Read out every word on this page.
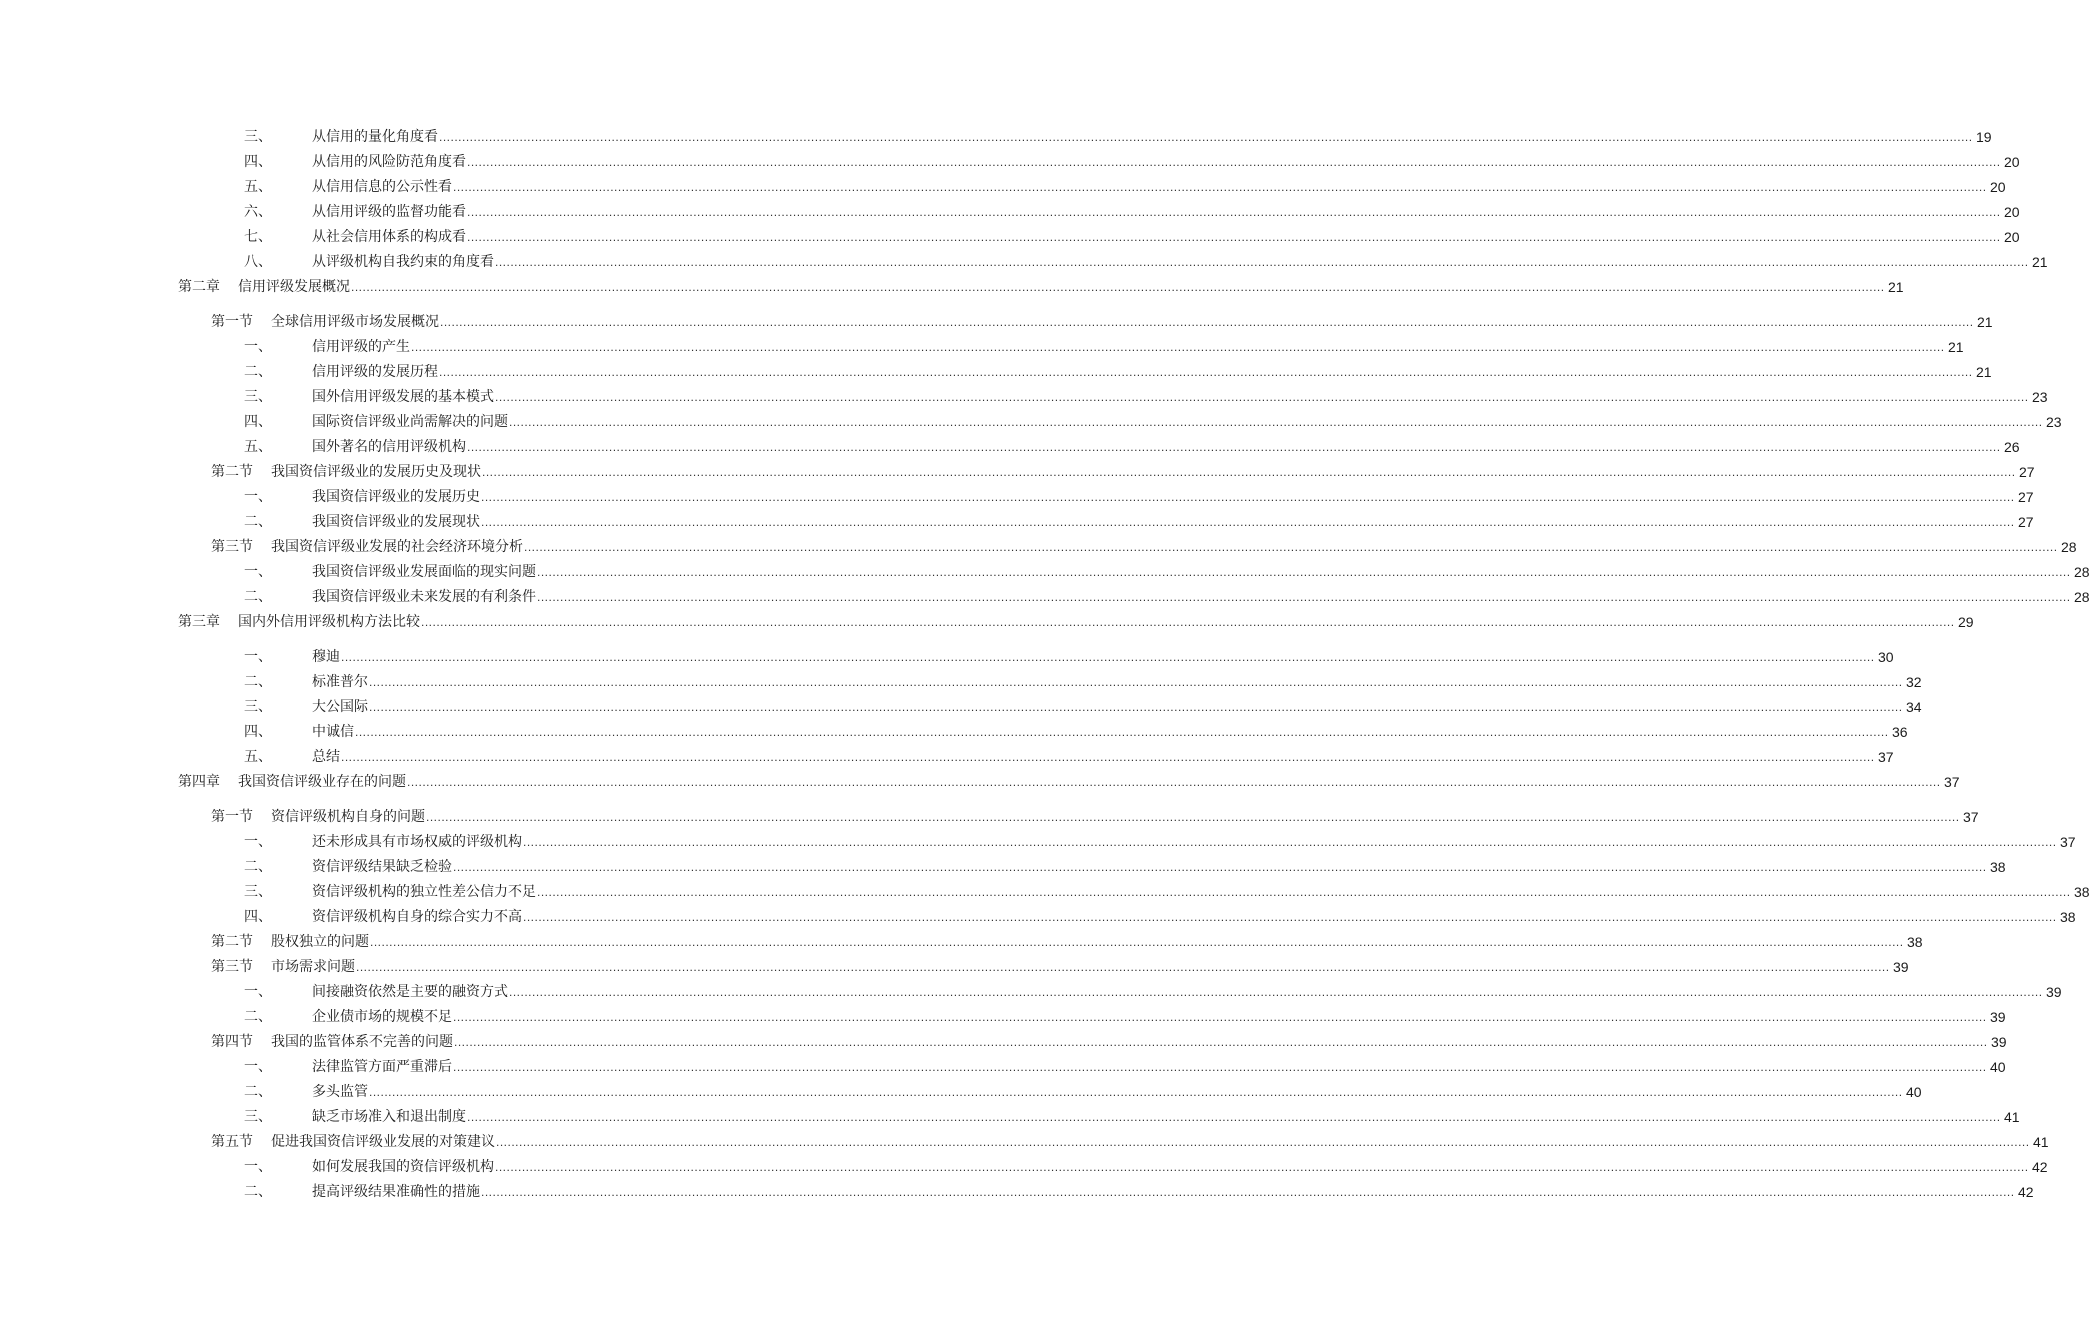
三、	从信用的量化角度看 ................................................................................................................................................................................................................................................................................................................................................................................................................ 19
四、	从信用的风险防范角度看 ................................................................................................................................................................................................................................................................................................................................................................................................................ 20
五、	从信用信息的公示性看 ................................................................................................................................................................................................................................................................................................................................................................................................................ 20
六、	从信用评级的监督功能看 ................................................................................................................................................................................................................................................................................................................................................................................................................ 20
七、	从社会信用体系的构成看 ................................................................................................................................................................................................................................................................................................................................................................................................................ 20
八、	从评级机构自我约束的角度看 ................................................................................................................................................................................................................................................................................................................................................................................................................ 21
第二章	信用评级发展概况 ................................................................................................................................................................................................................................................................................................................................................................................................................ 21
第一节	全球信用评级市场发展概况 ................................................................................................................................................................................................................................................................................................................................................................................................................ 21
一、	信用评级的产生 ................................................................................................................................................................................................................................................................................................................................................................................................................ 21
二、	信用评级的发展历程 ................................................................................................................................................................................................................................................................................................................................................................................................................ 21
三、	国外信用评级发展的基本模式 ................................................................................................................................................................................................................................................................................................................................................................................................................ 23
四、	国际资信评级业尚需解决的问题 ................................................................................................................................................................................................................................................................................................................................................................................................................ 23
五、	国外著名的信用评级机构 ................................................................................................................................................................................................................................................................................................................................................................................................................ 26
第二节	我国资信评级业的发展历史及现状 ................................................................................................................................................................................................................................................................................................................................................................................................................ 27
一、	我国资信评级业的发展历史 ................................................................................................................................................................................................................................................................................................................................................................................................................ 27
二、	我国资信评级业的发展现状 ................................................................................................................................................................................................................................................................................................................................................................................................................ 27
第三节	我国资信评级业发展的社会经济环境分析 ................................................................................................................................................................................................................................................................................................................................................................................................................ 28
一、	我国资信评级业发展面临的现实问题 ................................................................................................................................................................................................................................................................................................................................................................................................................ 28
二、	我国资信评级业未来发展的有利条件 ................................................................................................................................................................................................................................................................................................................................................................................................................ 28
第三章	国内外信用评级机构方法比较 ................................................................................................................................................................................................................................................................................................................................................................................................................ 29
一、	穆迪 ................................................................................................................................................................................................................................................................................................................................................................................................................ 30
二、	标准普尔 ................................................................................................................................................................................................................................................................................................................................................................................................................ 32
三、	大公国际 ................................................................................................................................................................................................................................................................................................................................................................................................................ 34
四、	中诚信 ................................................................................................................................................................................................................................................................................................................................................................................................................ 36
五、	总结 ................................................................................................................................................................................................................................................................................................................................................................................................................ 37
第四章	我国资信评级业存在的问题 ................................................................................................................................................................................................................................................................................................................................................................................................................ 37
第一节	资信评级机构自身的问题 ................................................................................................................................................................................................................................................................................................................................................................................................................ 37
一、	还未形成具有市场权威的评级机构 ................................................................................................................................................................................................................................................................................................................................................................................................................ 37
二、	资信评级结果缺乏检验 ................................................................................................................................................................................................................................................................................................................................................................................................................ 38
三、	资信评级机构的独立性差公信力不足 ................................................................................................................................................................................................................................................................................................................................................................................................................ 38
四、	资信评级机构自身的综合实力不高 ................................................................................................................................................................................................................................................................................................................................................................................................................ 38
第二节	股权独立的问题 ................................................................................................................................................................................................................................................................................................................................................................................................................ 38
第三节	市场需求问题 ................................................................................................................................................................................................................................................................................................................................................................................................................ 39
一、	间接融资依然是主要的融资方式 ................................................................................................................................................................................................................................................................................................................................................................................................................ 39
二、	企业债市场的规模不足 ................................................................................................................................................................................................................................................................................................................................................................................................................ 39
第四节	我国的监管体系不完善的问题 ................................................................................................................................................................................................................................................................................................................................................................................................................ 39
一、	法律监管方面严重滞后 ................................................................................................................................................................................................................................................................................................................................................................................................................ 40
二、	多头监管 ................................................................................................................................................................................................................................................................................................................................................................................................................ 40
三、	缺乏市场准入和退出制度 ................................................................................................................................................................................................................................................................................................................................................................................................................ 41
第五节	促进我国资信评级业发展的对策建议 ................................................................................................................................................................................................................................................................................................................................................................................................................ 41
一、	如何发展我国的资信评级机构 ................................................................................................................................................................................................................................................................................................................................................................................................................ 42
二、	提高评级结果准确性的措施 ................................................................................................................................................................................................................................................................................................................................................................................................................ 42
